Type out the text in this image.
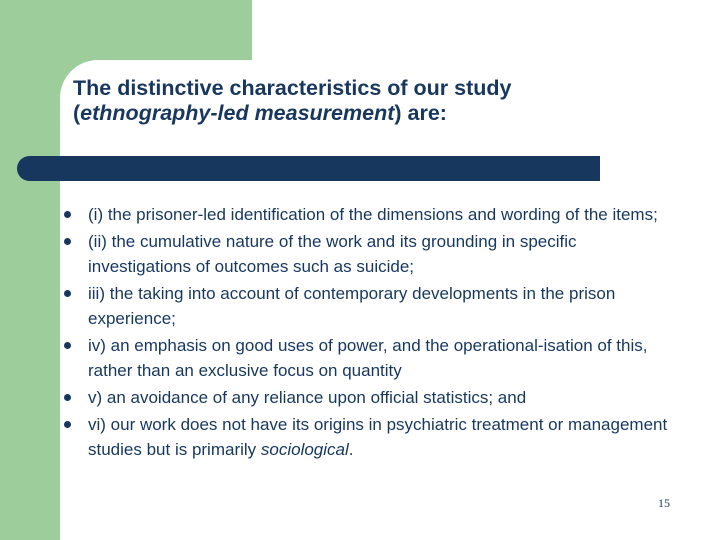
The distinctive characteristics of our study
(ethnography-led measurement) are:
(i) the prisoner-led identification of the dimensions and wording of the items;
(ii) the cumulative nature of the work and its grounding in specific investigations of outcomes such as suicide;
iii) the taking into account of contemporary developments in the prison experience;
iv) an emphasis on good uses of power, and the operational-isation of this, rather than an exclusive focus on quantity
v) an avoidance of any reliance upon official statistics; and
vi) our work does not have its origins in psychiatric treatment or management studies but is primarily sociological.
15
